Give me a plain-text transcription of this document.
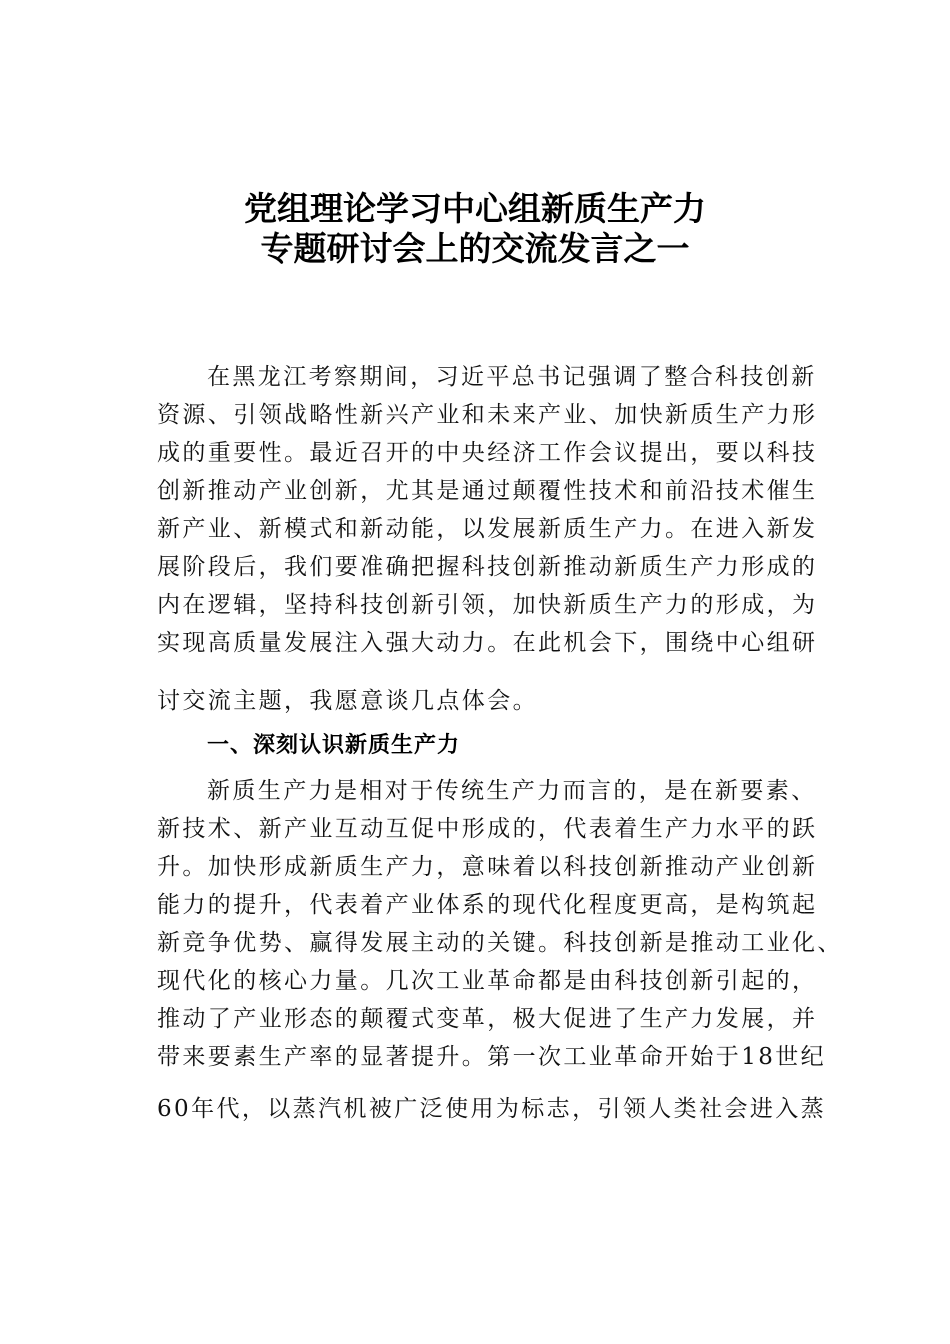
党组理论学习中心组新质生产力
专题研讨会上的交流发言之一
在黑龙江考察期间，习近平总书记强调了整合科技创新
资源、引领战略性新兴产业和未来产业、加快新质生产力形
成的重要性。最近召开的中央经济工作会议提出，要以科技
创新推动产业创新，尤其是通过颠覆性技术和前沿技术催生
新产业、新模式和新动能，以发展新质生产力。在进入新发
展阶段后，我们要准确把握科技创新推动新质生产力形成的
内在逻辑，坚持科技创新引领，加快新质生产力的形成，为
实现高质量发展注入强大动力。在此机会下，围绕中心组研
讨交流主题，我愿意谈几点体会。
一、深刻认识新质生产力
新质生产力是相对于传统生产力而言的，是在新要素、
新技术、新产业互动互促中形成的，代表着生产力水平的跃
升。加快形成新质生产力，意味着以科技创新推动产业创新
能力的提升，代表着产业体系的现代化程度更高，是构筑起
新竞争优势、赢得发展主动的关键。科技创新是推动工业化、
现代化的核心力量。几次工业革命都是由科技创新引起的，
推动了产业形态的颠覆式变革，极大促进了生产力发展，并
带来要素生产率的显著提升。第一次工业革命开始于18世纪
60年代，以蒸汽机被广泛使用为标志，引领人类社会进入蒸
